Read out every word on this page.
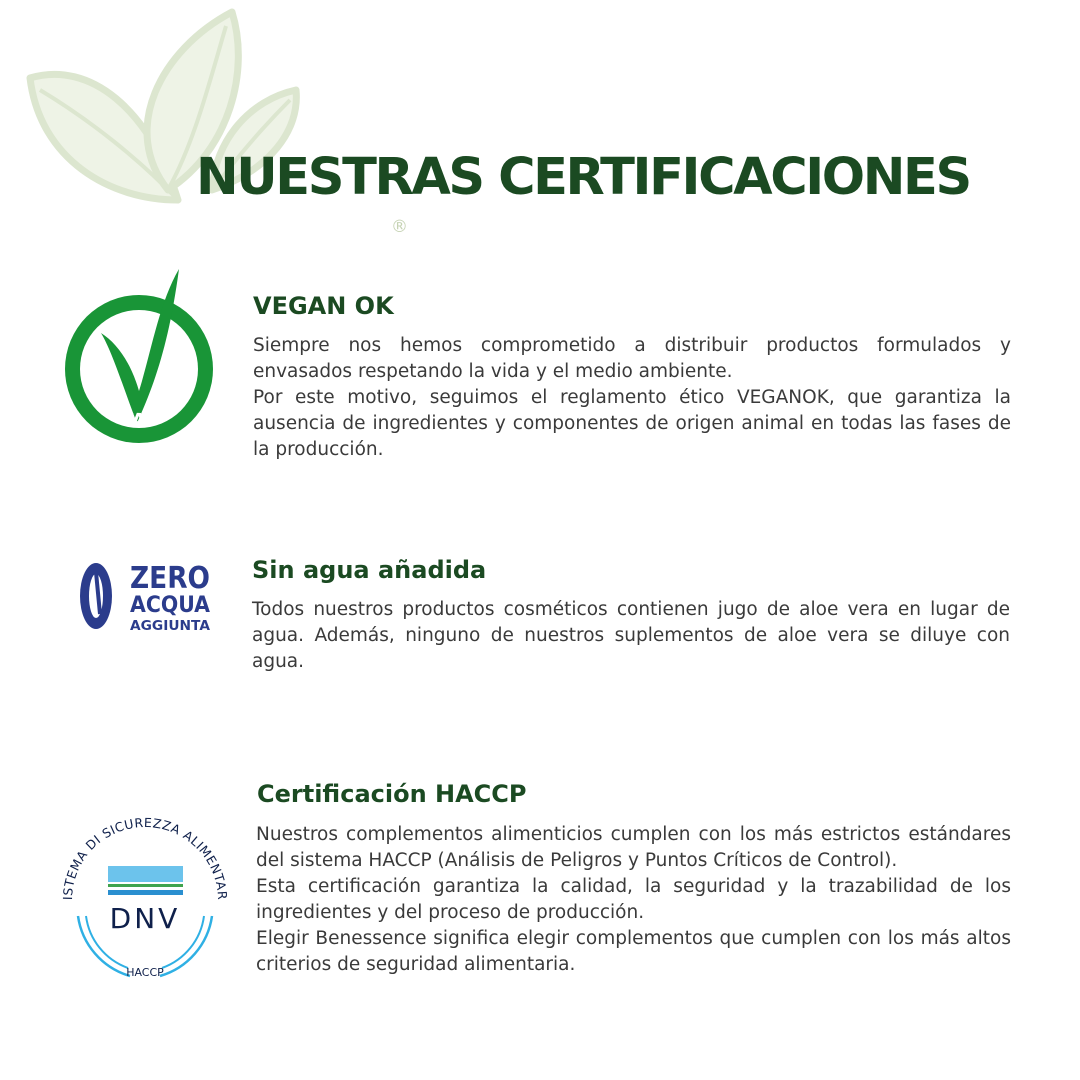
NUESTRAS CERTIFICACIONES
®
VEGANOK
VEGAN OK

Siempre nos hemos comprometido a distribuir productos formulados y envasados respetando la vida y el medio ambiente.

Por este motivo, seguimos el reglamento ético VEGANOK, que garantiza la ausencia de ingredientes y componentes de origen animal en todas las fases de la producción.

ZERO
ACQUA
AGGIUNTA
Sin agua añadida

Todos nuestros productos cosméticos contienen jugo de aloe vera en lugar de agua. Además, ninguno de nuestros suplementos de aloe vera se diluye con agua.

ISTEMA DI SICUREZZA ALIMENTAR
DNV
HACCP
Certificación HACCP

Nuestros complementos alimenticios cumplen con los más estrictos estándares del sistema HACCP (Análisis de Peligros y Puntos Críticos de Control).

Esta certificación garantiza la calidad, la seguridad y la trazabilidad de los ingredientes y del proceso de producción.

Elegir Benessence significa elegir complementos que cumplen con los más altos criterios de seguridad alimentaria.
